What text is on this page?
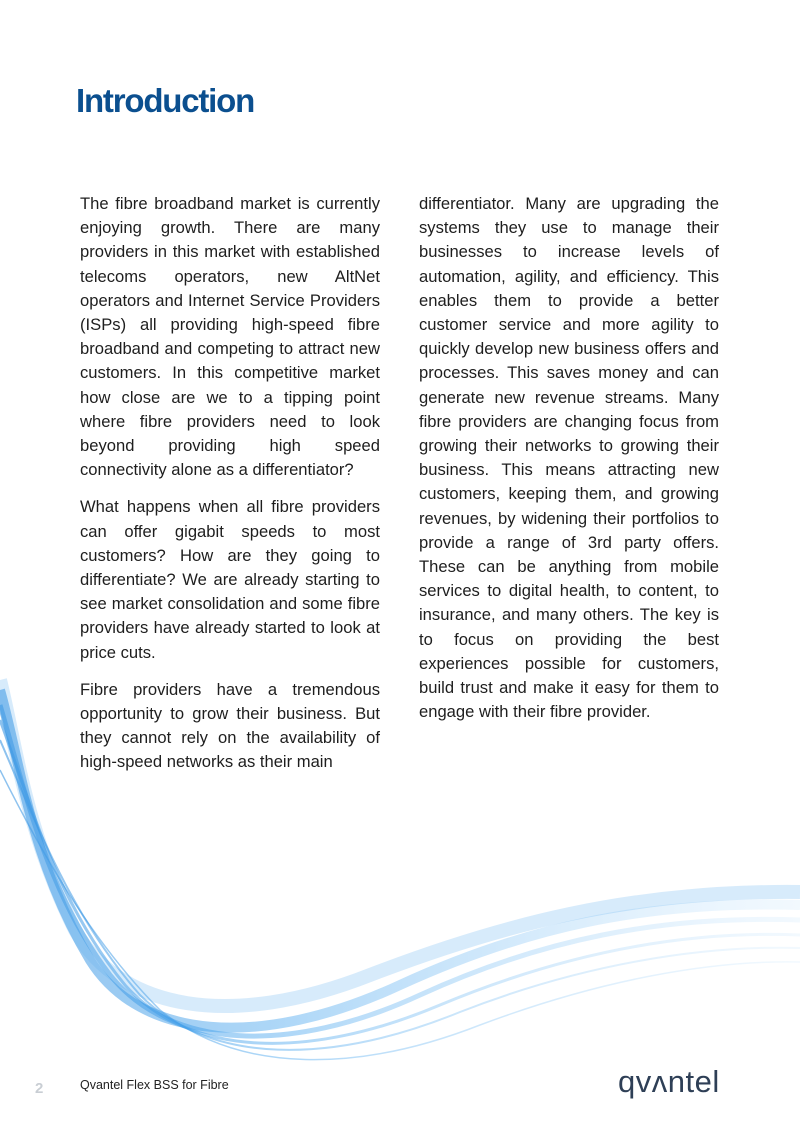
Introduction

The fibre broadband market is currently enjoying growth. There are many providers in this market with established telecoms operators, new AltNet operators and Internet Service Providers (ISPs) all providing high-speed fibre broadband and competing to attract new customers. In this competitive market how close are we to a tipping point where fibre providers need to look beyond providing high speed connectivity alone as a differentiator?

What happens when all fibre providers can offer gigabit speeds to most customers? How are they going to differentiate? We are already starting to see market consolidation and some fibre providers have already started to look at price cuts.

Fibre providers have a tremendous opportunity to grow their business. But they cannot rely on the availability of high-speed networks as their main

differentiator. Many are upgrading the systems they use to manage their businesses to increase levels of automation, agility, and efficiency. This enables them to provide a better customer service and more agility to quickly develop new business offers and processes. This saves money and can generate new revenue streams. Many fibre providers are changing focus from growing their networks to growing their business. This means attracting new customers, keeping them, and growing revenues, by widening their portfolios to provide a range of 3rd party offers. These can be anything from mobile services to digital health, to content, to insurance, and many others. The key is to focus on providing the best experiences possible for customers, build trust and make it easy for them to engage with their fibre provider.

2	Qvantel Flex BSS for Fibre	qvʌntel
